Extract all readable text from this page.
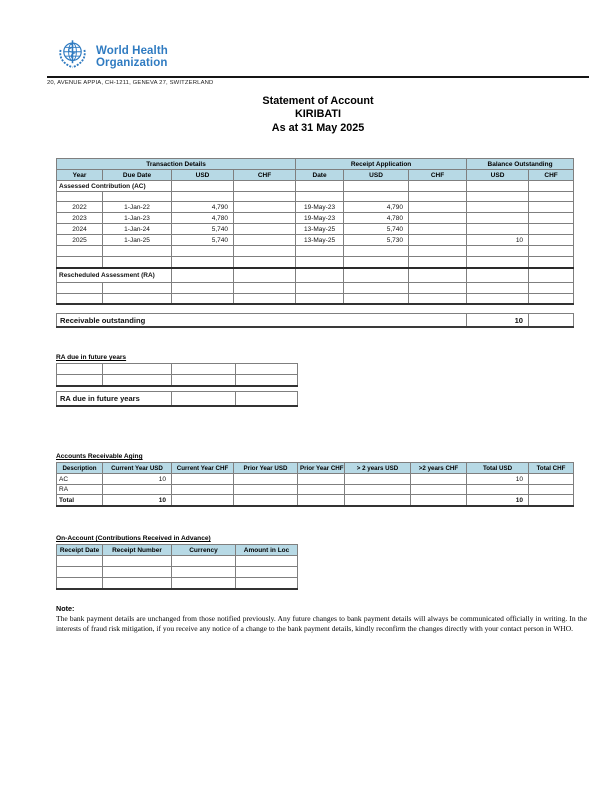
World Health
Organization
20, AVENUE APPIA, CH-1211, GENEVA 27, SWITZERLAND
Statement of Account
KIRIBATI
As at 31 May 2025
Transaction Details				Receipt Application			Balance Outstanding	
Year	Due Date	USD	CHF	Date	USD	CHF	USD	CHF
Assessed Contribution (AC)								

2022	1-Jan-22	4,790		19-May-23	4,790			
2023	1-Jan-23	4,780		19-May-23	4,780			
2024	1-Jan-24	5,740		13-May-25	5,740			
2025	1-Jan-25	5,740		13-May-25	5,730		10	

Rescheduled Assessment (RA)								

Receivable outstanding	10	
RA due in future years

RA due in future years		
Accounts Receivable Aging
Description	Current Year USD	Current Year CHF	Prior Year USD	Prior Year CHF	> 2 years USD	>2 years CHF	Total USD	Total CHF
AC	10						10	
RA								
Total	10						10	
On-Account (Contributions Received in Advance)
Receipt Date	Receipt Number	Currency	Amount in Loc

Note:
The bank payment details are unchanged from those notified previously. Any future changes to bank payment details will always be communicated officially in writing. In the interests of fraud risk mitigation, if you receive any notice of a change to the bank payment details, kindly reconfirm the changes directly with your contact person in WHO.
